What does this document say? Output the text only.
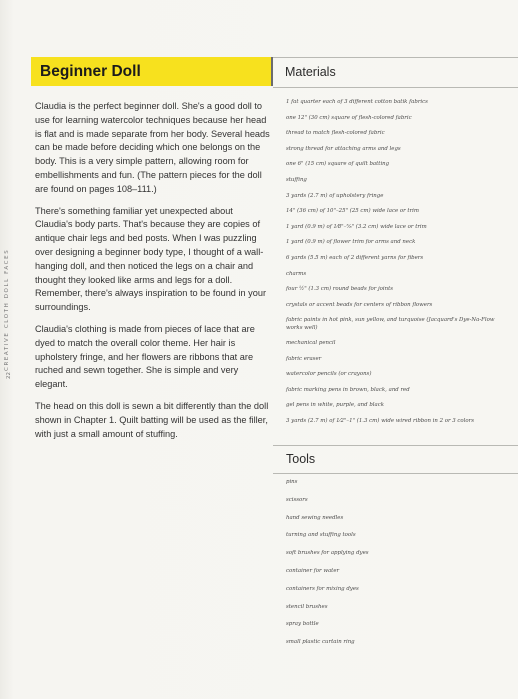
CREATIVE CLOTH DOLL FACES
22
Beginner Doll

Claudia is the perfect beginner doll. She's a good doll to use for learning watercolor techniques because her head is flat and is made separate from her body. Several heads can be made before deciding which one belongs on the body. This is a very simple pattern, allowing room for embellishments and fun. (The pattern pieces for the doll are found on pages 108–111.)

There's something familiar yet unexpected about Claudia's body parts. That's because they are copies of antique chair legs and bed posts. When I was puzzling over designing a beginner body type, I thought of a wall-hanging doll, and then noticed the legs on a chair and thought they looked like arms and legs for a doll. Remember, there's always inspiration to be found in your surroundings.

Claudia's clothing is made from pieces of lace that are dyed to match the overall color theme. Her hair is upholstery fringe, and her flowers are ribbons that are ruched and sewn together. She is simple and very elegant.

The head on this doll is sewn a bit differently than the doll shown in Chapter 1. Quilt batting will be used as the filler, with just a small amount of stuffing.

Materials
1 fat quarter each of 3 different cotton batik fabrics
one 12" (30 cm) square of flesh-colored fabric
thread to match flesh-colored fabric
strong thread for attaching arms and legs
one 6" (15 cm) square of quilt batting
stuffing
3 yards (2.7 m) of upholstery fringe
14" (36 cm) of 10"–25" (25 cm) wide lace or trim
1 yard (0.9 m) of 1⁄8"–⁵⁄₈" (3.2 cm) wide lace or trim
1 yard (0.9 m) of flower trim for arms and neck
6 yards (5.5 m) each of 2 different yarns for fibers
charms
four ½" (1.3 cm) round beads for joints
crystals or accent beads for centers of ribbon flowers
fabric paints in hot pink, sun yellow, and turquoise (Jacquard's Dye-Na-Flow works well)
mechanical pencil
fabric eraser
watercolor pencils (or crayons)
fabric marking pens in brown, black, and red
gel pens in white, purple, and black
3 yards (2.7 m) of 1⁄2"–1" (1.3 cm) wide wired ribbon in 2 or 3 colors
Tools
pins
scissors
hand sewing needles
turning and stuffing tools
soft brushes for applying dyes
container for water
containers for mixing dyes
stencil brushes
spray bottle
small plastic curtain ring
